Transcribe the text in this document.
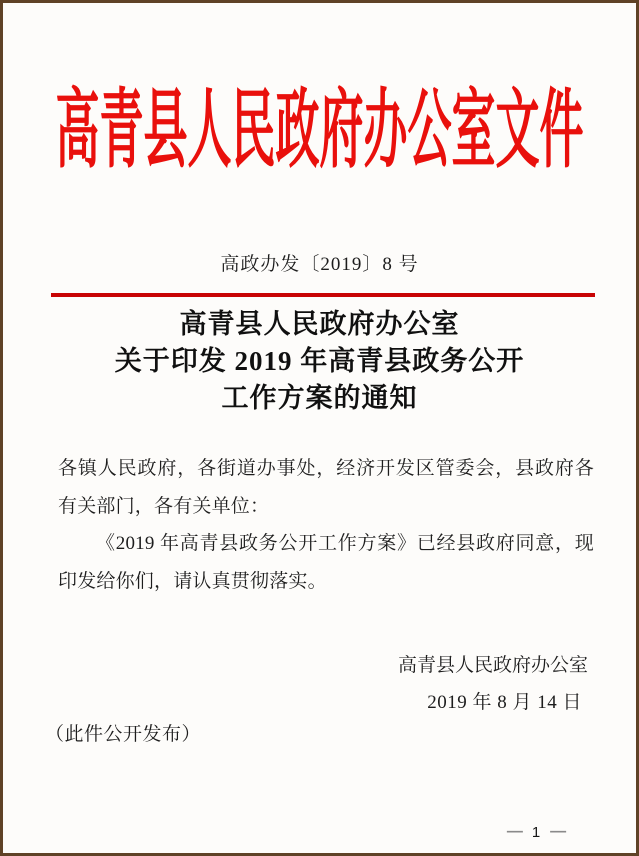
高青县人民政府办公室文件
高政办发〔2019〕8 号
高青县人民政府办公室
关于印发 2019 年高青县政务公开
工作方案的通知

各镇人民政府，各街道办事处，经济开发区管委会，县政府各有关部门，各有关单位：

《2019 年高青县政务公开工作方案》已经县政府同意，现印发给你们，请认真贯彻落实。

高青县人民政府办公室
2019 年 8 月 14 日
（此件公开发布）
— 1 —
